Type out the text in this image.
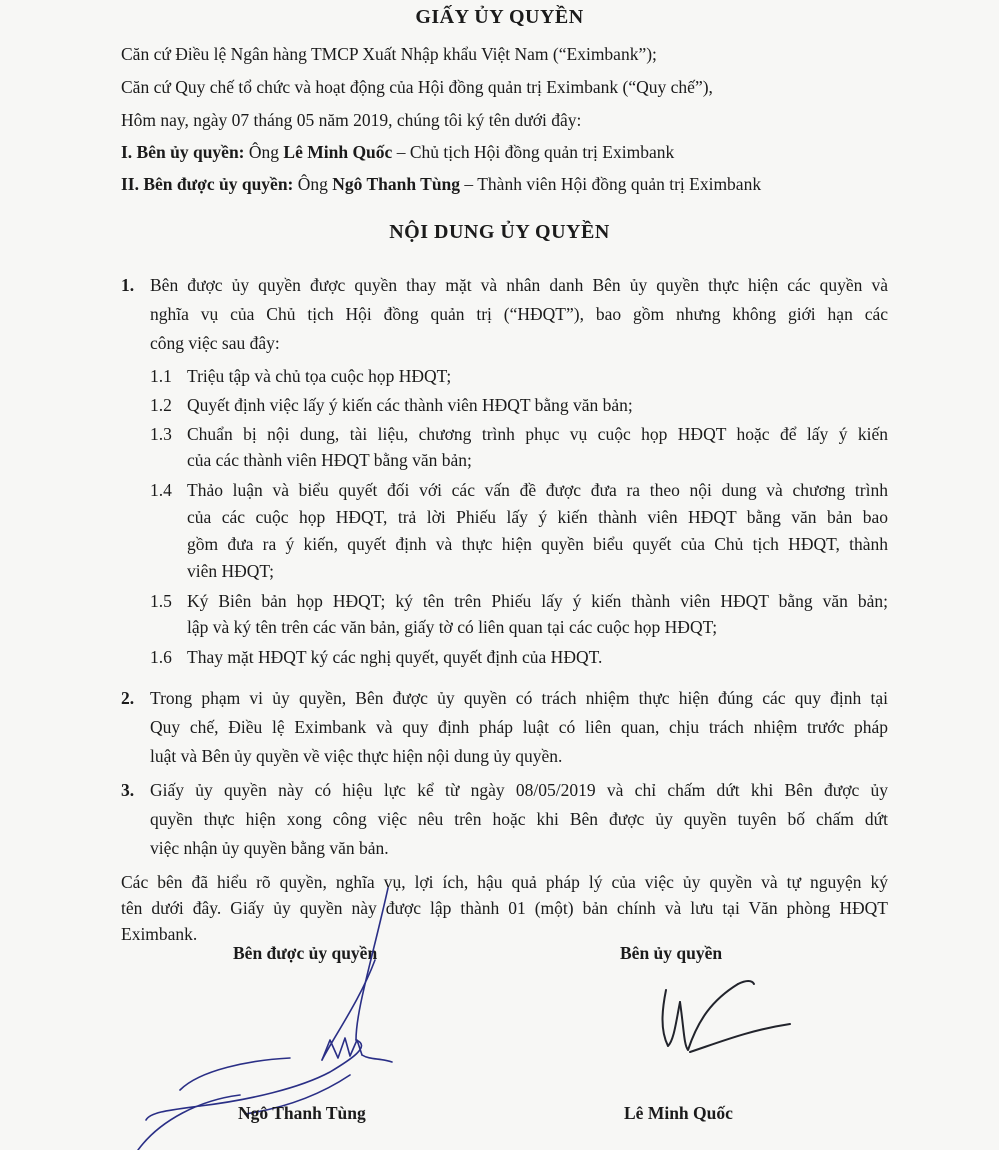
GIẤY ỦY QUYỀN
Căn cứ Điều lệ Ngân hàng TMCP Xuất Nhập khẩu Việt Nam (“Eximbank”);
Căn cứ Quy chế tổ chức và hoạt động của Hội đồng quản trị Eximbank (“Quy chế”),
Hôm nay, ngày 07 tháng 05 năm 2019, chúng tôi ký tên dưới đây:
I. Bên ủy quyền: Ông Lê Minh Quốc – Chủ tịch Hội đồng quản trị Eximbank
II. Bên được ủy quyền: Ông Ngô Thanh Tùng – Thành viên Hội đồng quản trị Eximbank
NỘI DUNG ỦY QUYỀN
1. Bên được ủy quyền được quyền thay mặt và nhân danh Bên ủy quyền thực hiện các quyền và
nghĩa vụ của Chủ tịch Hội đồng quản trị (“HĐQT”), bao gồm nhưng không giới hạn các
công việc sau đây:
1.1 Triệu tập và chủ tọa cuộc họp HĐQT;
1.2 Quyết định việc lấy ý kiến các thành viên HĐQT bằng văn bản;
1.3 Chuẩn bị nội dung, tài liệu, chương trình phục vụ cuộc họp HĐQT hoặc để lấy ý kiến
của các thành viên HĐQT bằng văn bản;
1.4 Thảo luận và biểu quyết đối với các vấn đề được đưa ra theo nội dung và chương trình
của các cuộc họp HĐQT, trả lời Phiếu lấy ý kiến thành viên HĐQT bằng văn bản bao
gồm đưa ra ý kiến, quyết định và thực hiện quyền biểu quyết của Chủ tịch HĐQT, thành
viên HĐQT;
1.5 Ký Biên bản họp HĐQT; ký tên trên Phiếu lấy ý kiến thành viên HĐQT bằng văn bản;
lập và ký tên trên các văn bản, giấy tờ có liên quan tại các cuộc họp HĐQT;
1.6 Thay mặt HĐQT ký các nghị quyết, quyết định của HĐQT.
2. Trong phạm vi ủy quyền, Bên được ủy quyền có trách nhiệm thực hiện đúng các quy định tại
Quy chế, Điều lệ Eximbank và quy định pháp luật có liên quan, chịu trách nhiệm trước pháp
luật và Bên ủy quyền về việc thực hiện nội dung ủy quyền.
3. Giấy ủy quyền này có hiệu lực kể từ ngày 08/05/2019 và chỉ chấm dứt khi Bên được ủy
quyền thực hiện xong công việc nêu trên hoặc khi Bên được ủy quyền tuyên bố chấm dứt
việc nhận ủy quyền bằng văn bản.
Các bên đã hiểu rõ quyền, nghĩa vụ, lợi ích, hậu quả pháp lý của việc ủy quyền và tự nguyện ký
tên dưới đây. Giấy ủy quyền này được lập thành 01 (một) bản chính và lưu tại Văn phòng HĐQT
Eximbank.
Bên được ủy quyền	Bên ủy quyền
Ngô Thanh Tùng	Lê Minh Quốc
